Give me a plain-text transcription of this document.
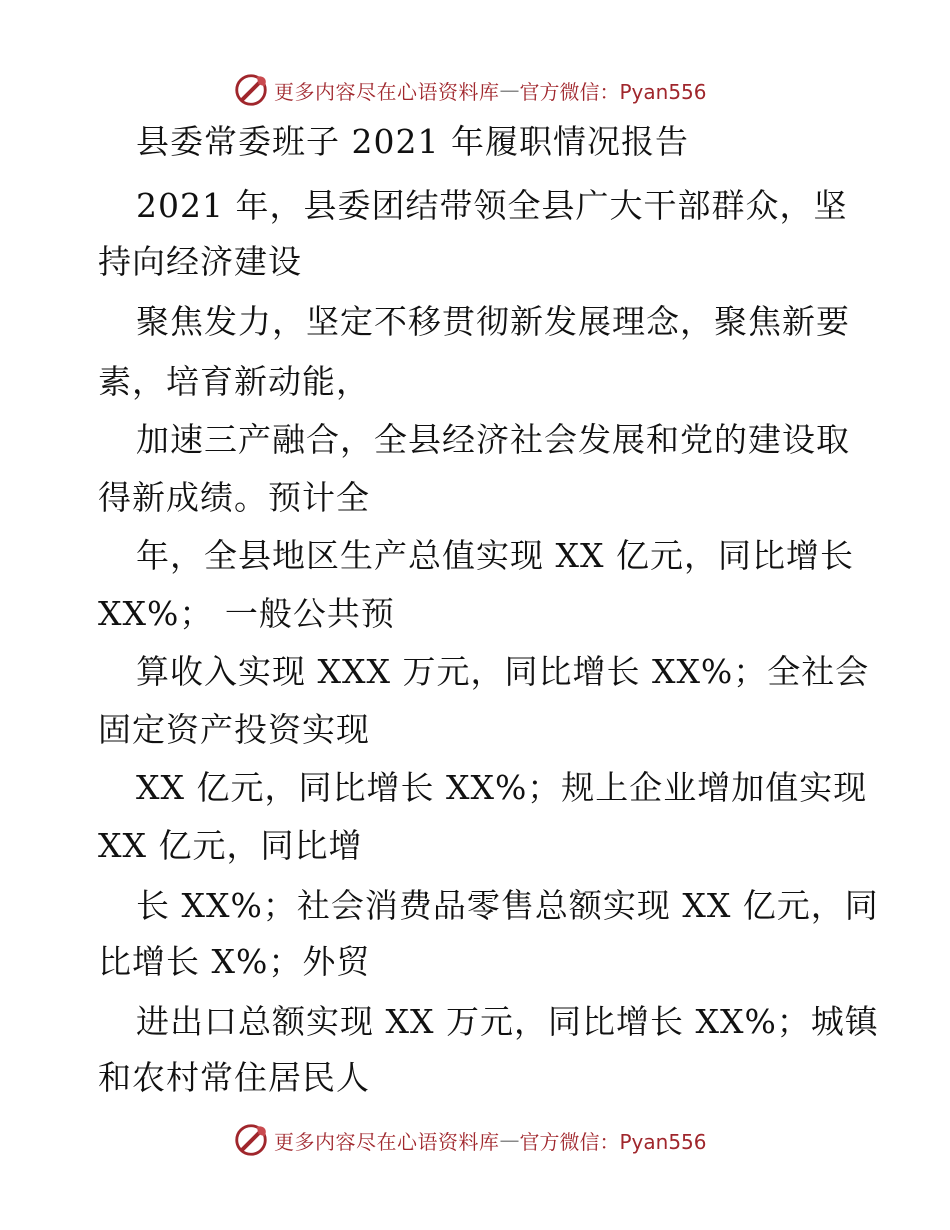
更多内容尽在心语资料库 — 官方微信：Pyan556
县委常委班子 2021 年履职情况报告
2021 年，县委团结带领全县广大干部群众，坚
持向经济建设
聚焦发力，坚定不移贯彻新发展理念，聚焦新要
素，培育新动能，
加速三产融合，全县经济社会发展和党的建设取
得新成绩。预计全
年，全县地区生产总值实现 XX 亿元，同比增长
XX%； 一般公共预
算收入实现 XXX 万元，同比增长 XX%；全社会
固定资产投资实现
XX 亿元，同比增长 XX%；规上企业增加值实现
XX 亿元，同比增
长 XX%；社会消费品零售总额实现 XX 亿元，同
比增长 X%；外贸
进出口总额实现 XX 万元，同比增长 XX%；城镇
和农村常住居民人
更多内容尽在心语资料库 — 官方微信：Pyan556
